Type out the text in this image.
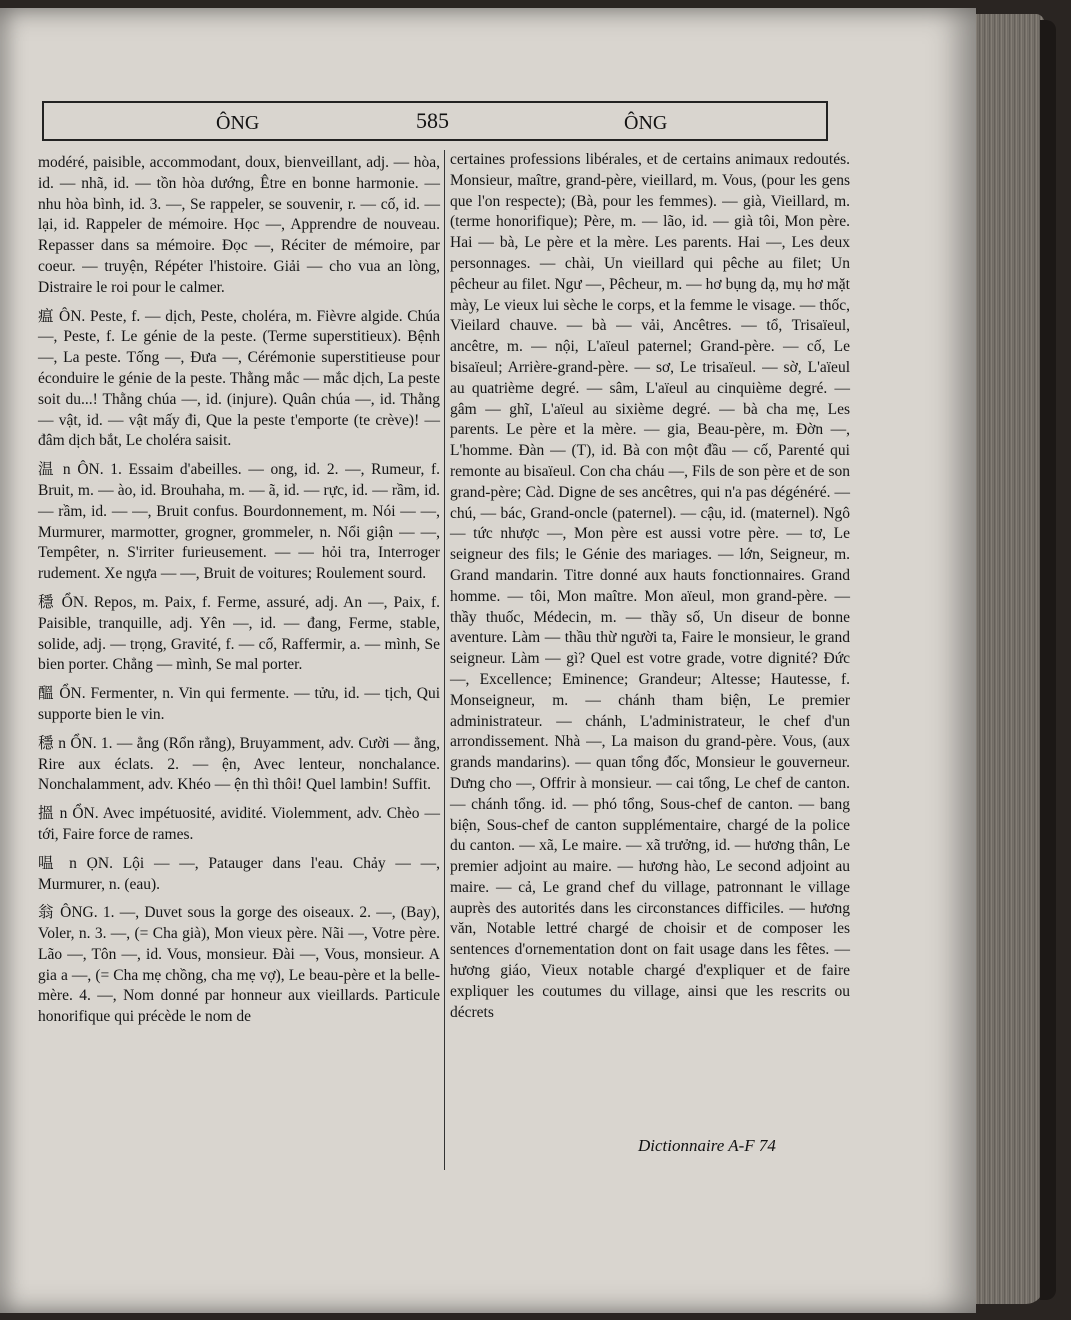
ÔNG	585	ÔNG
modéré, paisible, accommodant, doux, bienveillant, adj. — hòa, id. — nhã, id. — tồn hòa dướng, Être en bonne harmonie. — nhu hòa bình, id. 3. —, Se rappeler, se souvenir, r. — cố, id. — lại, id. Rappeler de mémoire. Học —, Apprendre de nouveau. Repasser dans sa mémoire. Đọc —, Réciter de mémoire, par coeur. — truyện, Répéter l'histoire. Giải — cho vua an lòng, Distraire le roi pour le calmer.
瘟 ÔN. Peste, f. — dịch, Peste, choléra, m. Fièvre algide. Chúa —, Peste, f. Le génie de la peste. (Terme superstitieux). Bệnh —, La peste. Tống —, Đưa —, Cérémonie superstitieuse pour éconduire le génie de la peste. Thằng mắc — mắc dịch, La peste soit du...! Thằng chúa —, id. (injure). Quân chúa —, id. Thằng — vật, id. — vật mấy đi, Que la peste t'emporte (te crève)! — đâm dịch bắt, Le choléra saisit.
温 n ÔN. 1. Essaim d'abeilles. — ong, id. 2. —, Rumeur, f. Bruit, m. — ào, id. Brouhaha, m. — ã, id. — rực, id. — rầm, id. — rầm, id. — —, Bruit confus. Bourdonnement, m. Nói — —, Murmurer, marmotter, grogner, grommeler, n. Nổi giận — —, Tempêter, n. S'irriter furieusement. — — hỏi tra, Interroger rudement. Xe ngựa — —, Bruit de voitures; Roulement sourd.
穩 ỔN. Repos, m. Paix, f. Ferme, assuré, adj. An —, Paix, f. Paisible, tranquille, adj. Yên —, id. — đang, Ferme, stable, solide, adj. — trọng, Gravité, f. — cố, Raffermir, a. — mình, Se bien porter. Chẳng — mình, Se mal porter.
醞 ỔN. Fermenter, n. Vin qui fermente. — tửu, id. — tịch, Qui supporte bien le vin.
穩 n ỔN. 1. — ẳng (Rổn rẳng), Bruyamment, adv. Cười — ẳng, Rire aux éclats. 2. — ện, Avec lenteur, nonchalance. Nonchalamment, adv. Khéo — ện thì thôi! Quel lambin! Suffit.
搵 n ỔN. Avec impétuosité, avidité. Violemment, adv. Chèo — tới, Faire force de rames.
嗢 n ỌN. Lội — —, Patauger dans l'eau. Chảy — —, Murmurer, n. (eau).
翁 ÔNG. 1. —, Duvet sous la gorge des oiseaux. 2. —, (Bay), Voler, n. 3. —, (= Cha già), Mon vieux père. Nãi —, Votre père. Lão —, Tôn —, id. Vous, monsieur. Đài —, Vous, monsieur. A gia a —, (= Cha mẹ chồng, cha mẹ vợ), Le beau-père et la belle-mère. 4. —, Nom donné par honneur aux vieillards. Particule honorifique qui précède le nom de
certaines professions libérales, et de certains animaux redoutés. Monsieur, maître, grand-père, vieillard, m. Vous, (pour les gens que l'on respecte); (Bà, pour les femmes). — già, Vieillard, m. (terme honorifique); Père, m. — lão, id. — già tôi, Mon père. Hai — bà, Le père et la mère. Les parents. Hai —, Les deux personnages. — chài, Un vieillard qui pêche au filet; Un pêcheur au filet. Ngư —, Pêcheur, m. — hơ bụng dạ, mụ hơ mặt mày, Le vieux lui sèche le corps, et la femme le visage. — thốc, Vieilard chauve. — bà — vải, Ancêtres. — tổ, Trisaïeul, ancêtre, m. — nội, L'aïeul paternel; Grand-père. — cố, Le bisaïeul; Arrière-grand-père. — sơ, Le trisaïeul. — sờ, L'aïeul au quatrième degré. — sâm, L'aïeul au cinquième degré. — gâm — ghĩ, L'aïeul au sixième degré. — bà cha mẹ, Les parents. Le père et la mère. — gia, Beau-père, m. Đờn —, L'homme. Đàn — (T), id. Bà con một đầu — cố, Parenté qui remonte au bisaïeul. Con cha cháu —, Fils de son père et de son grand-père; Càd. Digne de ses ancêtres, qui n'a pas dégénéré. — chú, — bác, Grand-oncle (paternel). — cậu, id. (maternel). Ngô — tức nhược —, Mon père est aussi votre père. — tơ, Le seigneur des fils; le Génie des mariages. — lớn, Seigneur, m. Grand mandarin. Titre donné aux hauts fonctionnaires. Grand homme. — tôi, Mon maître. Mon aïeul, mon grand-père. — thầy thuốc, Médecin, m. — thầy số, Un diseur de bonne aventure. Làm — thầu thừ người ta, Faire le monsieur, le grand seigneur. Làm — gì? Quel est votre grade, votre dignité? Đức —, Excellence; Eminence; Grandeur; Altesse; Hautesse, f. Monseigneur, m. — chánh tham biện, Le premier administrateur. — chánh, L'administrateur, le chef d'un arrondissement. Nhà —, La maison du grand-père. Vous, (aux grands mandarins). — quan tổng đốc, Monsieur le gouverneur. Dưng cho —, Offrir à monsieur. — cai tổng, Le chef de canton. — chánh tổng. id. — phó tổng, Sous-chef de canton. — bang biện, Sous-chef de canton supplémentaire, chargé de la police du canton. — xã, Le maire. — xã trưởng, id. — hương thân, Le premier adjoint au maire. — hương hào, Le second adjoint au maire. — cả, Le grand chef du village, patronnant le village auprès des autorités dans les circonstances difficiles. — hương văn, Notable lettré chargé de choisir et de composer les sentences d'ornementation dont on fait usage dans les fêtes. — hương giáo, Vieux notable chargé d'expliquer et de faire expliquer les coutumes du village, ainsi que les rescrits ou décrets
Dictionnaire A-F 74
